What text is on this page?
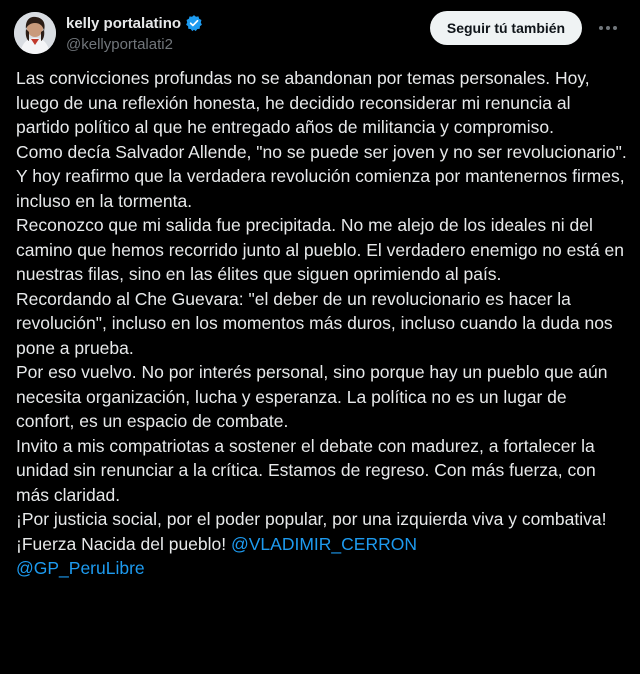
kelly portalatino
@kellyportalati2
Seguir tú también

Las convicciones profundas no se abandonan por temas personales. Hoy, luego de una reflexión honesta, he decidido reconsiderar mi renuncia al partido político al que he entregado años de militancia y compromiso.

Como decía Salvador Allende, "no se puede ser joven y no ser revolucionario". Y hoy reafirmo que la verdadera revolución comienza por mantenernos firmes, incluso en la tormenta.

Reconozco que mi salida fue precipitada. No me alejo de los ideales ni del camino que hemos recorrido junto al pueblo. El verdadero enemigo no está en nuestras filas, sino en las élites que siguen oprimiendo al país.

Recordando al Che Guevara: "el deber de un revolucionario es hacer la revolución", incluso en los momentos más duros, incluso cuando la duda nos pone a prueba.

Por eso vuelvo. No por interés personal, sino porque hay un pueblo que aún necesita organización, lucha y esperanza. La política no es un lugar de confort, es un espacio de combate.

Invito a mis compatriotas a sostener el debate con madurez, a fortalecer la unidad sin renunciar a la crítica. Estamos de regreso. Con más fuerza, con más claridad.

¡Por justicia social, por el poder popular, por una izquierda viva y combativa! ¡Fuerza Nacida del pueblo! @VLADIMIR_CERRON
@GP_PeruLibre
